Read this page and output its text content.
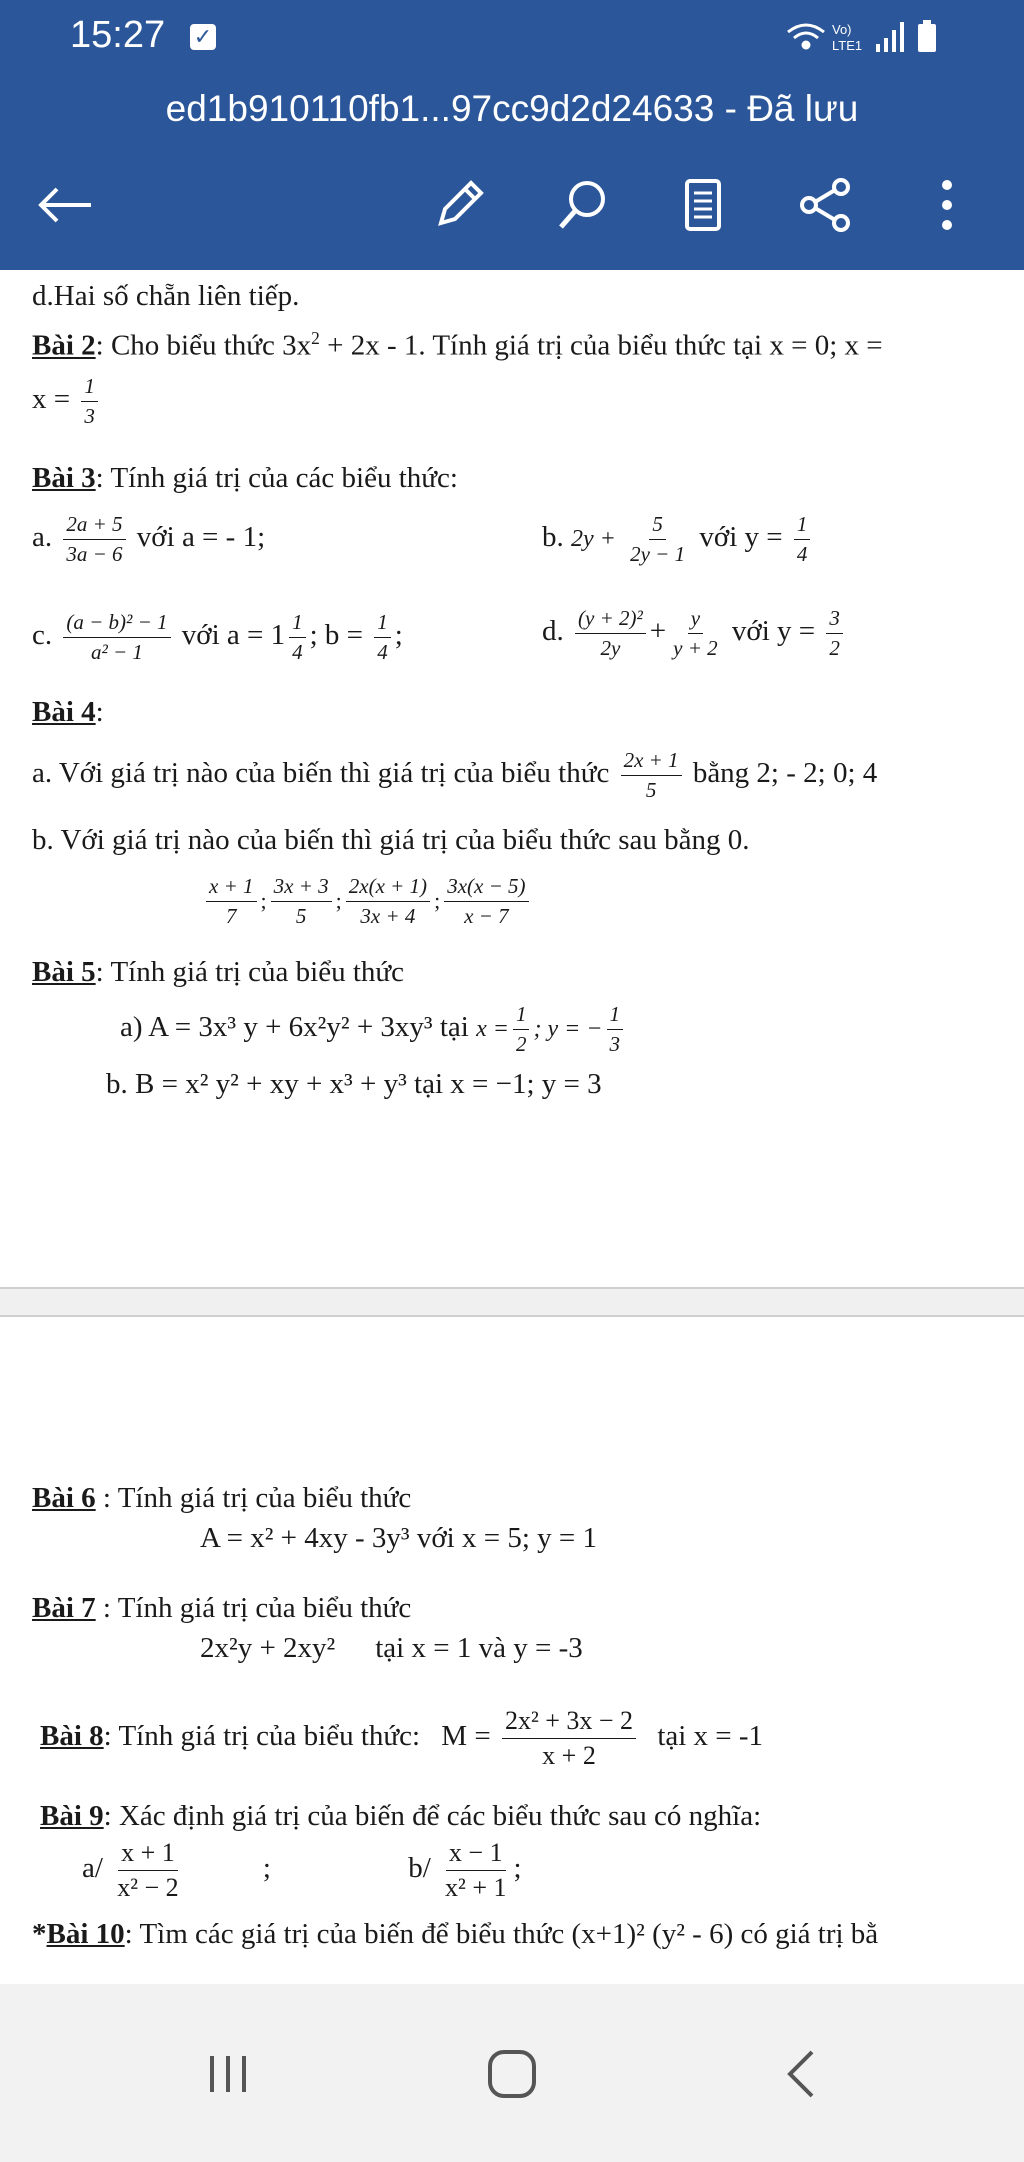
15:27 ✓	Vo)
LTE1
ed1b910110fb1...97cc9d2d24633 - Đã lưu
d.Hai số chẵn liên tiếp.
Bài 2: Cho biểu thức $3x^2 + 2x - 1$. Tính giá trị của biểu thức tại x = 0; x =
$x = \frac{1}{3}$
Bài 3: Tính giá trị của các biểu thức:
a. $\frac{2a + 5}{3a - 6}$ với a = - 1;	b. $2y + \frac{5}{2y - 1}$ với $y = \frac{1}{4}$
c. $\frac{\text{(a − b)² − 1}}{\text{a² − 1}}$ với $a = 1 \frac{1}{4}$ ; $b = \frac{1}{4}$ ;	d. $\frac{\text{(y + 2)²}}{2y} + \frac{y}{y + 2}$ với $y = \frac{3}{2}$
Bài 4:
a. Với giá trị nào của biến thì giá trị của biểu thức $\frac{2x + 1}{5}$ bằng 2; - 2; 0; 4
b. Với giá trị nào của biến thì giá trị của biểu thức sau bằng 0.
$\frac{x + 1}{7}$ ; $\frac{3x + 3}{5}$ ; $\frac{2x(x + 1)}{3x + 4}$ ; $\frac{3x(x - 5)}{x - 7}$
Bài 5: Tính giá trị của biểu thức
a) A = 3x³ y + 6x²y² + 3xy³ tại $x = \frac{1}{2}$ ; y = − $\frac{1}{3}$
b. B = x² y² + xy + x³ + y³ tại x = −1; y = 3
Bài 6 : Tính giá trị của biểu thức
A = x² + 4xy - 3y³ với x = 5; y = 1
Bài 7 : Tính giá trị của biểu thức
2x²y + 2xy² tại x = 1 và y = -3
Bài 8: Tính giá trị của biểu thức: $M = \frac{\text{2x² + 3x − 2}}{x + 2}$ tại x = -1
Bài 9: Xác định giá trị của biến để các biểu thức sau có nghĩa:
$a/ \frac{x + 1}{\text{x² − 2}}$	;	$b/ \frac{x - 1}{\text{x² + 1}}$ ;
*Bài 10: Tìm các giá trị của biến để biểu thức (x+1)² (y² - 6) có giá trị bằ
